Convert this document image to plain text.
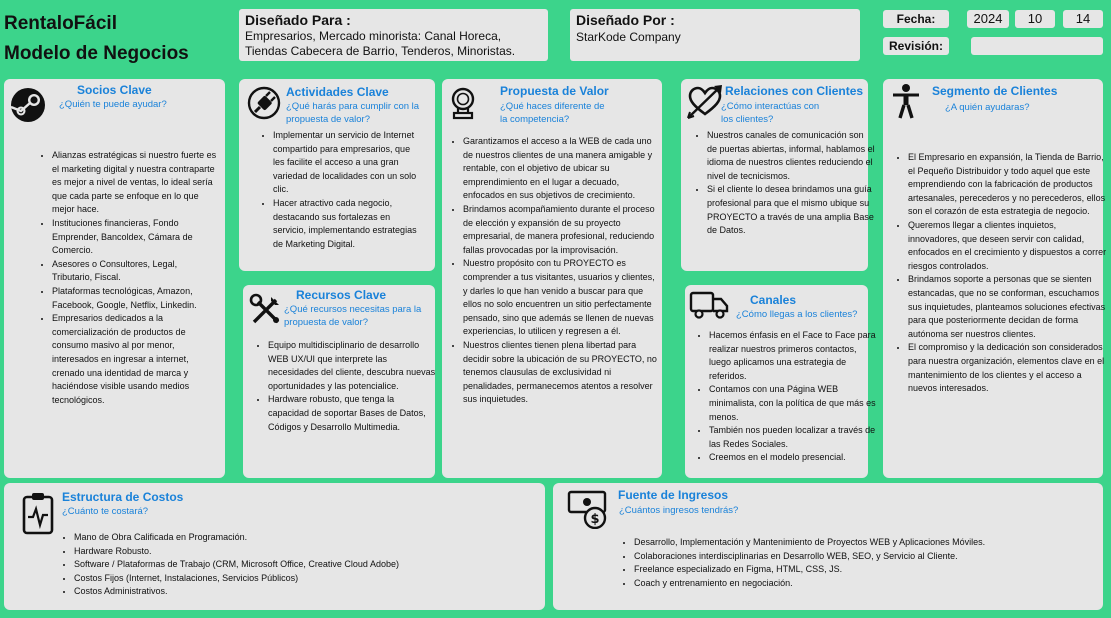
RentaloFácil
Modelo de Negocios
Diseñado Para :
Empresarios, Mercado minorista: Canal Horeca,
Tiendas Cabecera de Barrio, Tenderos, Minoristas.
Diseñado Por :
StarKode Company
Fecha:	2024	10	14
Revisión:
Socios Clave
¿Quién te puede ayudar?
• Alianzas estratégicas si nuestro fuerte es el marketing digital y nuestra contraparte es mejor a nivel de ventas, lo ideal sería que cada parte se enfoque en lo que mejor hace.
• Instituciones financieras, Fondo Emprender, Bancoldex, Cámara de Comercio.
• Asesores o Consultores, Legal, Tributario, Fiscal.
• Plataformas tecnológicas, Amazon, Facebook, Google, Netflix, Linkedin.
• Empresarios dedicados a la comercialización de productos de consumo masivo al por menor, interesados en ingresar a internet, crenado una identidad de marca y haciéndose visible usando medios tecnológicos.
Actividades Clave
¿Qué harás para cumplir con la
propuesta de valor?
• Implementar un servicio de Internet compartido para empresarios, que les facilite el acceso a una gran variedad de localidades con un solo clic.
• Hacer atractivo cada negocio, destacando sus fortalezas en servicio, implementando estrategias de Marketing Digital.
Recursos Clave
¿Qué recursos necesitas para la
propuesta de valor?
• Equipo multidisciplinario de desarrollo WEB UX/UI que interprete las necesidades del cliente, descubra nuevas oportunidades y las potencialice.
• Hardware robusto, que tenga la capacidad de soportar Bases de Datos, Códigos y Desarrollo Multimedia.
Propuesta de Valor
¿Qué haces diferente de
la competencia?
• Garantizamos el acceso a la WEB de cada uno de nuestros clientes de una manera amigable y rentable, con el objetivo de ubicar su emprendimiento en el lugar a decuado, enfocados en sus objetivos de crecimiento.
• Brindamos acompañamiento durante el proceso de elección y expansión de su proyecto empresarial, de manera profesional, reduciendo fallas provocadas por la improvisación.
• Nuestro propósito con tu PROYECTO es comprender a tus visitantes, usuarios y clientes, y darles lo que han venido a buscar para que ellos no solo encuentren un sitio perfectamente pensado, sino que además se llenen de nuevas experiencias, lo utilicen y regresen a él.
• Nuestros clientes tienen plena libertad para decidir sobre la ubicación de su PROYECTO, no tenemos clausulas de exclusividad ni penalidades, permanecemos atentos a resolver sus inquietudes.
Relaciones con Clientes
¿Cómo interactúas con
los clientes?
• Nuestros canales de comunicación son de puertas abiertas, informal, hablamos el idioma de nuestros clientes reduciendo el nivel de tecnicismos.
• Si el cliente lo desea brindamos una guía profesional para que el mismo ubique su PROYECTO a través de una amplia Base de Datos.
Canales
¿Cómo llegas a los clientes?
• Hacemos énfasis en el Face to Face para realizar nuestros primeros contactos, luego aplicamos una estrategia de referidos.
• Contamos con una Página WEB minimalista, con la política de que más es menos.
• También nos pueden localizar a través de las Redes Sociales.
• Creemos en el modelo presencial.
Segmento de Clientes
¿A quién ayudaras?
• El Empresario en expansión, la Tienda de Barrio, el Pequeño Distribuidor y todo aquel que este emprendiendo con la fabricación de productos artesanales, perecederos y no perecederos, ellos son el corazón de esta estrategia de negocio.
• Queremos llegar a clientes inquietos, innovadores, que deseen servir con calidad, enfocados en el crecimiento y dispuestos a correr riesgos controlados.
• Brindamos soporte a personas que se sienten estancadas, que no se conforman, escuchamos sus inquietudes, planteamos soluciones efectivas para que posteriormente decidan de forma autónoma ser nuestros clientes.
• El compromiso y la dedicación son considerados para nuestra organización, elementos clave en el mantenimiento de los clientes y el acceso a nuevos interesados.
Estructura de Costos
¿Cuánto te costará?
• Mano de Obra Calificada en Programación.
• Hardware Robusto.
• Software / Plataformas de Trabajo (CRM, Microsoft Office, Creative Cloud Adobe)
• Costos Fijos (Internet, Instalaciones, Servicios Públicos)
• Costos Administrativos.
$
Fuente de Ingresos
¿Cuántos ingresos tendrás?
• Desarrollo, Implementación y Mantenimiento de Proyectos WEB y Aplicaciones Móviles.
• Colaboraciones interdisciplinarias en Desarrollo WEB, SEO, y Servicio al Cliente.
• Freelance especializado en Figma, HTML, CSS, JS.
• Coach y entrenamiento en negociación.
